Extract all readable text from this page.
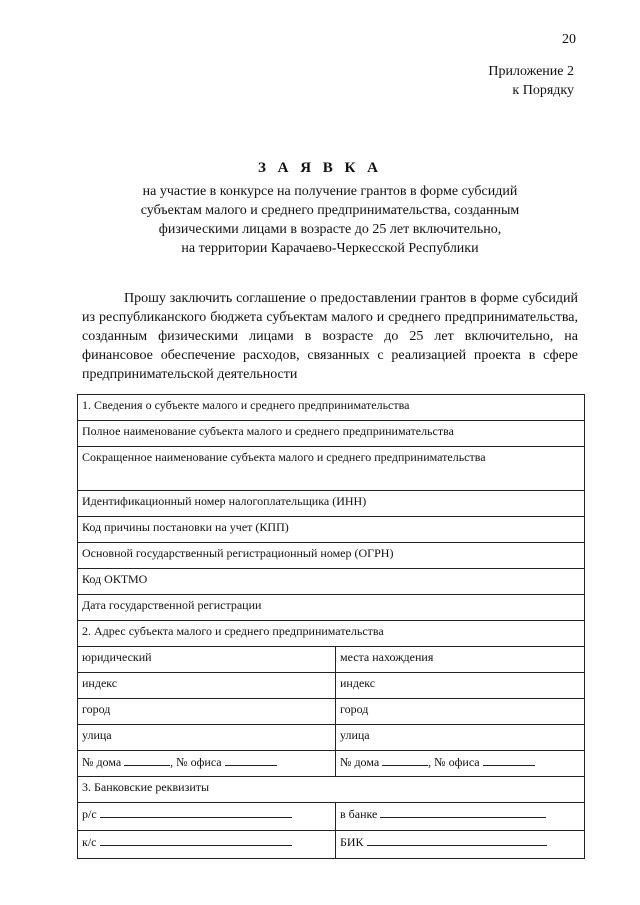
20
Приложение 2
к Порядку
З А Я В К А
на участие в конкурсе на получение грантов в форме субсидий
субъектам малого и среднего предпринимательства, созданным
физическими лицами в возрасте до 25 лет включительно,
на территории Карачаево-Черкесской Республики
Прошу заключить соглашение о предоставлении грантов в форме субсидий из республиканского бюджета субъектам малого и среднего предпринимательства, созданным физическими лицами в возрасте до 25 лет включительно, на финансовое обеспечение расходов, связанных с реализацией проекта в сфере предпринимательской деятельности
1. Сведения о субъекте малого и среднего предпринимательства	
Полное наименование субъекта малого и среднего предпринимательства	
Сокращенное наименование субъекта малого и среднего предпринимательства	
Идентификационный номер налогоплательщика (ИНН)	
Код причины постановки на учет (КПП)	
Основной государственный регистрационный номер (ОГРН)	
Код ОКТМО	
Дата государственной регистрации	
2. Адрес субъекта малого и среднего предпринимательства	
юридический	места нахождения
индекс	индекс
город	город
улица	улица
№ дома , № офиса	№ дома , № офиса
3. Банковские реквизиты	
р/с	в банке
к/с	БИК
